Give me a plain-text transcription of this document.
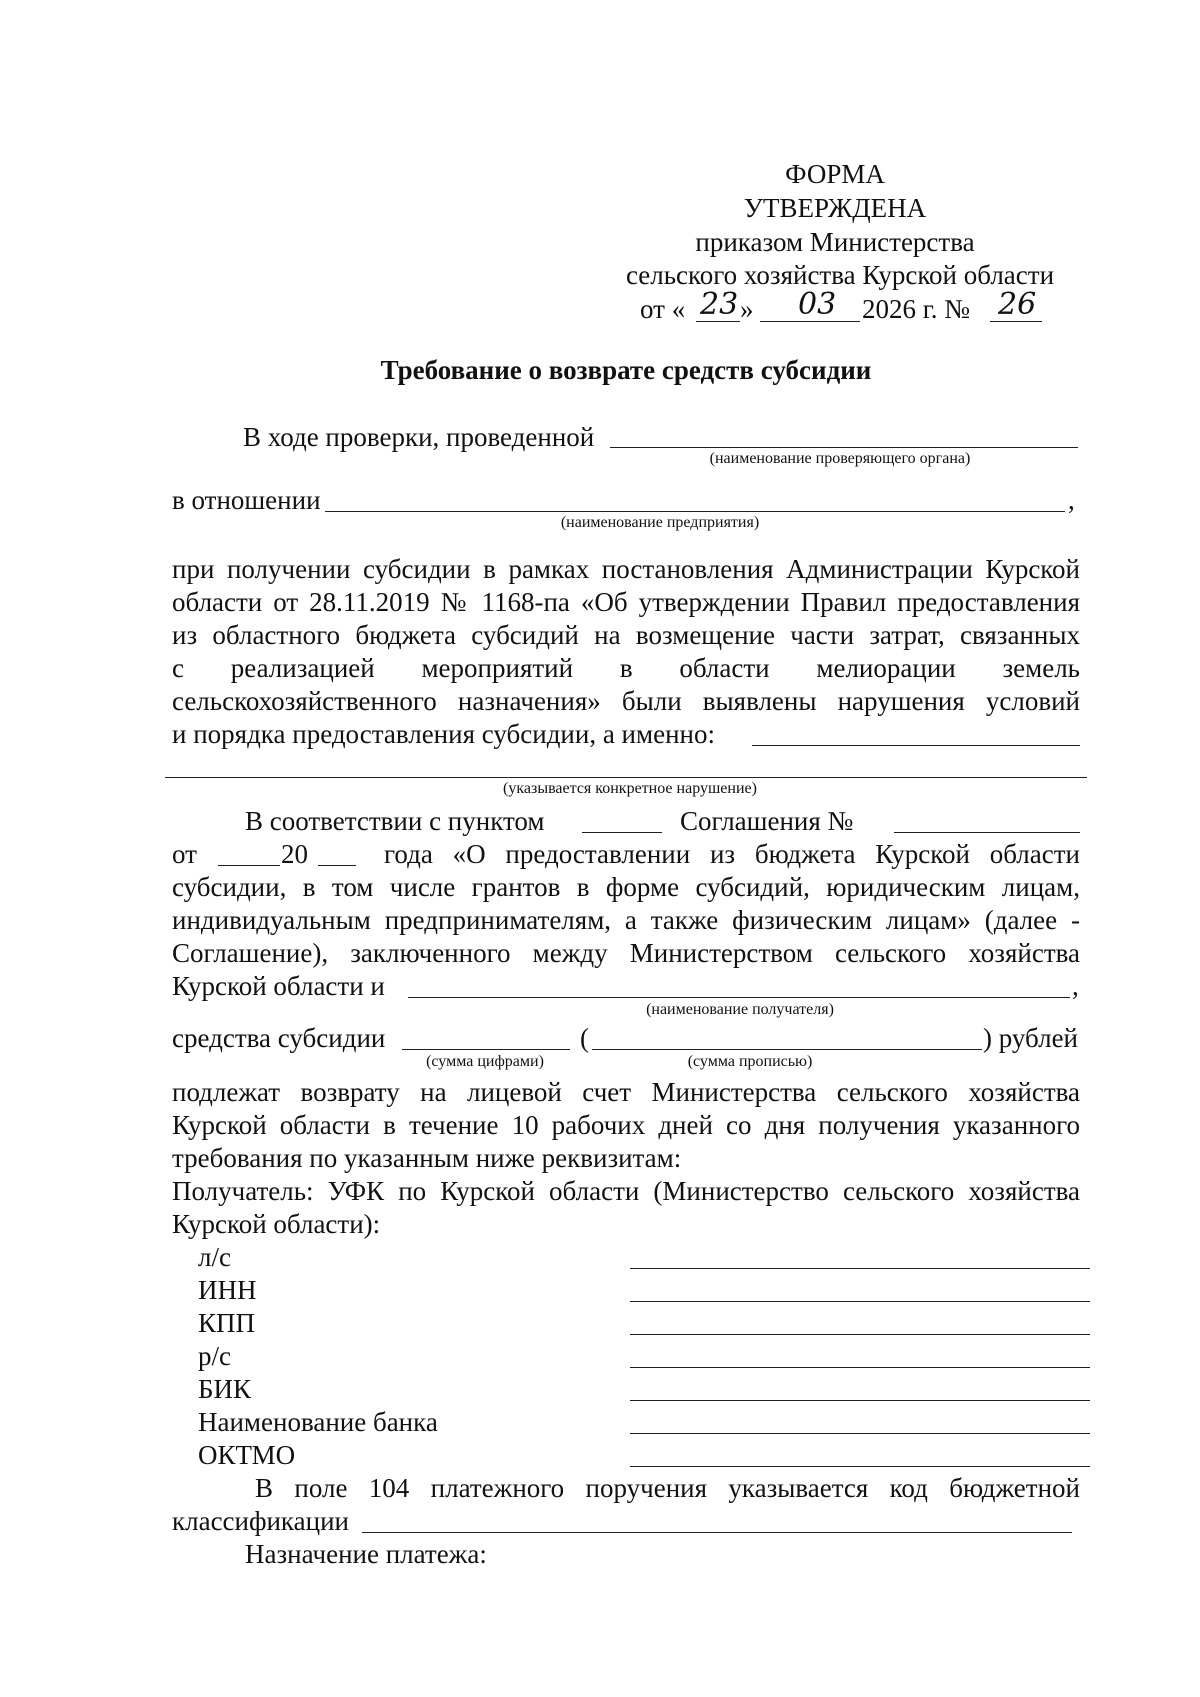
ФОРМА
УТВЕРЖДЕНА
приказом Министерства
сельского хозяйства Курской области
от « 23 » 03 2026 г. № 26
Требование о возврате средств субсидии
В ходе проверки, проведенной
(наименование проверяющего органа)
в отношении	,
(наименование предприятия)
при получении субсидии в рамках постановления Администрации Курской
области от 28.11.2019 № 1168-па «Об утверждении Правил предоставления
из областного бюджета субсидий на возмещение части затрат, связанных
с реализацией мероприятий в области мелиорации земель
сельскохозяйственного назначения» были выявлены нарушения условий
и порядка предоставления субсидии, а именно:
(указывается конкретное нарушение)
В соответствии с пунктом	Соглашения №
от	20	года «О предоставлении из бюджета Курской области
субсидии, в том числе грантов в форме субсидий, юридическим лицам,
индивидуальным предпринимателям, а также физическим лицам» (далее -
Соглашение), заключенного между Министерством сельского хозяйства
Курской области и	,
(наименование получателя)
средства субсидии	(	) рублей
(сумма цифрами)	(сумма прописью)
подлежат возврату на лицевой счет Министерства сельского хозяйства
Курской области в течение 10 рабочих дней со дня получения указанного
требования по указанным ниже реквизитам:
Получатель: УФК по Курской области (Министерство сельского хозяйства
Курской области):
л/с
ИНН
КПП
р/с
БИК
Наименование банка
ОКТМО
В поле 104 платежного поручения указывается код бюджетной
классификации
Назначение платежа:
